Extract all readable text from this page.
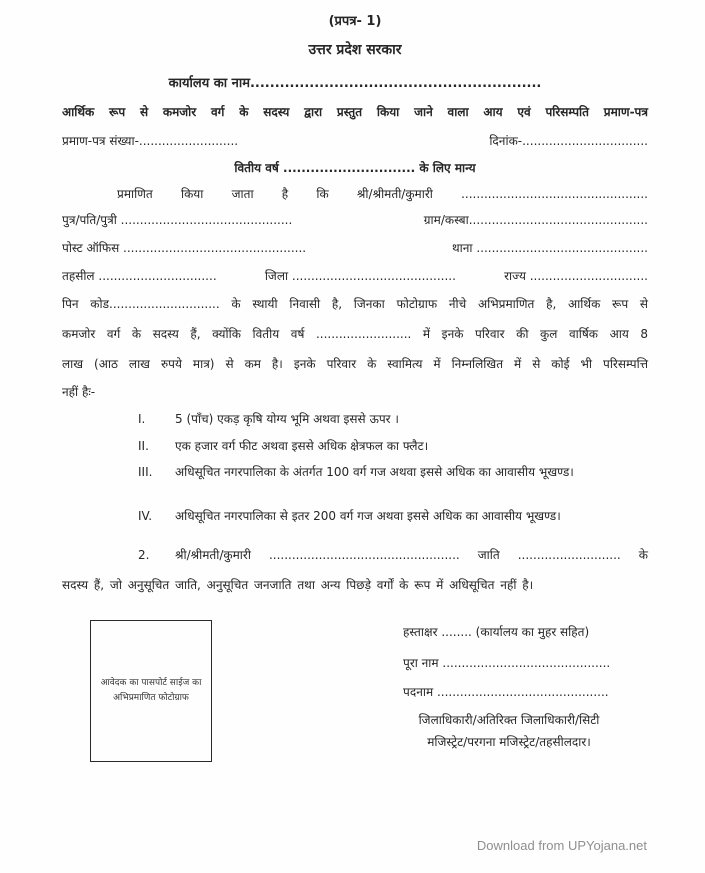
(प्रपत्र- 1)
उत्तर प्रदेश सरकार
कार्यालय का नाम...........................................................
आर्थिक रूप से कमजोर वर्ग के सदस्य द्वारा प्रस्तुत किया जाने वाला आय एवं परिसम्पति प्रमाण-पत्र
प्रमाण-पत्र संख्या-..........................	दिनांक-.................................
वितीय वर्ष ............................. के लिए मान्य
प्रमाणित किया जाता है कि श्री/श्रीमती/कुमारी .................................................
पुत्र/पति/पुत्री .............................................	ग्राम/कस्बा...............................................
पोस्ट ऑफिस ................................................	थाना .............................................
तहसील ...............................	जिला ...........................................	राज्य ...............................
पिन कोड............................. के स्थायी निवासी है, जिनका फोटोग्राफ नीचे अभिप्रमाणित है, आर्थिक रूप से
कमजोर वर्ग के सदस्य हैं, क्योंकि वितीय वर्ष ......................... में इनके परिवार की कुल वार्षिक आय 8
लाख (आठ लाख रुपये मात्र) से कम है। इनके परिवार के स्वामित्य में निम्नलिखित में से कोई भी परिसम्पत्ति
नहीं हैः-
I.	5 (पाँच) एकड़ कृषि योग्य भूमि अथवा इससे ऊपर ।
II.	एक हजार वर्ग फीट अथवा इससे अधिक क्षेत्रफल का फ्लैट।
III.	अधिसूचित नगरपालिका के अंतर्गत 100 वर्ग गज अथवा इससे अधिक का आवासीय भूखण्ड।
IV.	अधिसूचित नगरपालिका से इतर 200 वर्ग गज अथवा इससे अधिक का आवासीय भूखण्ड।
2.	श्री/श्रीमती/कुमारी .................................................. जाति ........................... के
सदस्य हैं, जो अनुसूचित जाति, अनुसूचित जनजाति तथा अन्य पिछड़े वर्गों के रूप में अधिसूचित नहीं है।
आवेदक का पासपोर्ट साईज का
अभिप्रमाणित फोटोग्राफ
हस्ताक्षर ........ (कार्यालय का मुहर सहित)
पूरा नाम ............................................
पदनाम .............................................
जिलाधिकारी/अतिरिक्त जिलाधिकारी/सिटी
मजिस्ट्रेट/परगना मजिस्ट्रेट/तहसीलदार।
Download from UPYojana.net
